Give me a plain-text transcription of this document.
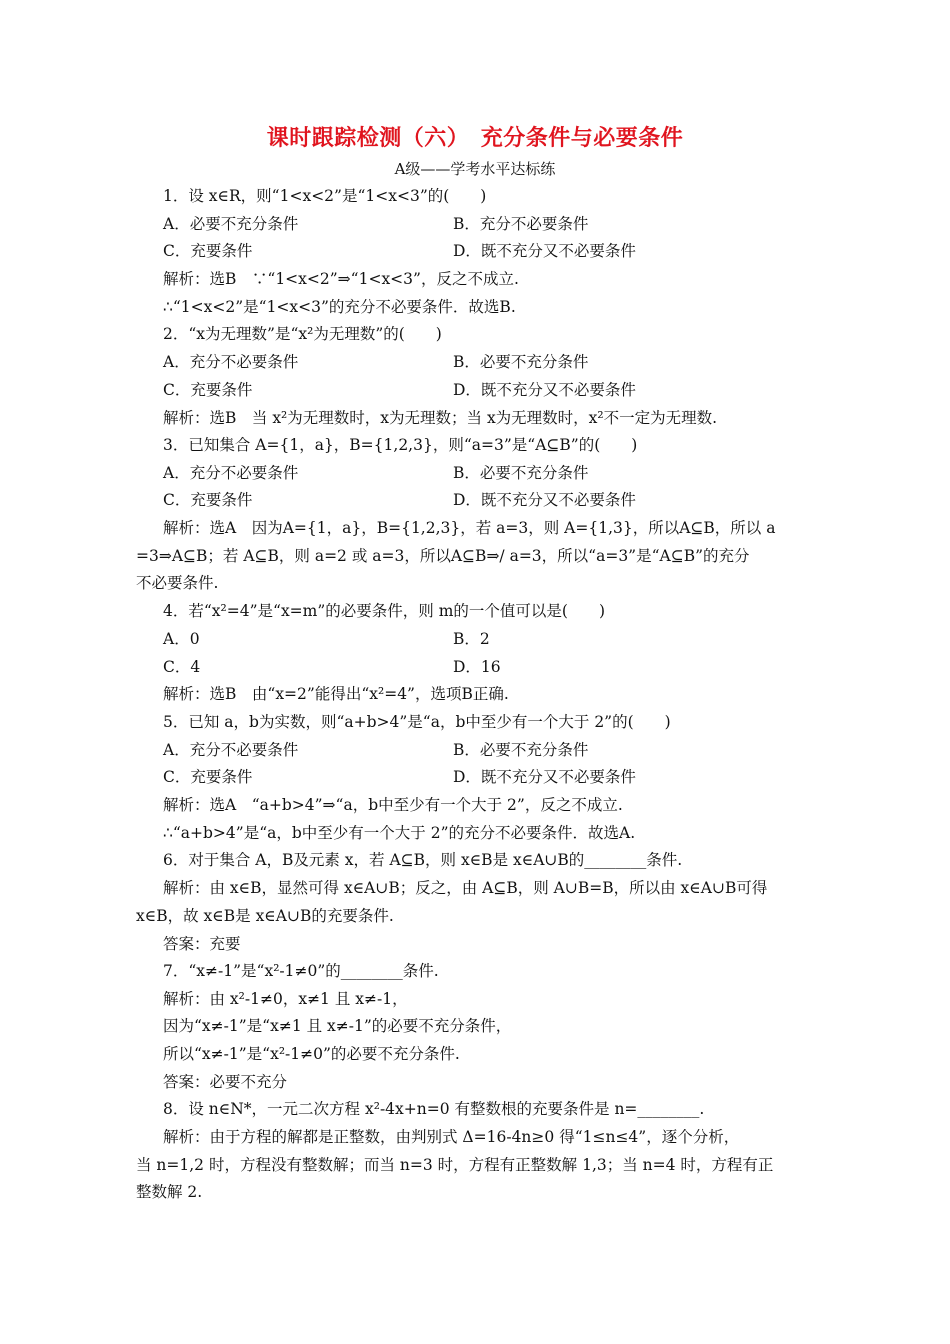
课时跟踪检测（六）　充分条件与必要条件
A级——学考水平达标练
1．设 x∈R，则“1<x<2”是“1<x<3”的(　　)
A．必要不充分条件	B．充分不必要条件
C．充要条件	D．既不充分又不必要条件
解析：选B　∵“1<x<2”⇒“1<x<3”，反之不成立.
∴“1<x<2”是“1<x<3”的充分不必要条件．故选B.
2．“x为无理数”是“x²为无理数”的(　　)
A．充分不必要条件	B．必要不充分条件
C．充要条件	D．既不充分又不必要条件
解析：选B　当 x²为无理数时，x为无理数；当 x为无理数时，x²不一定为无理数.
3．已知集合 A={1，a}，B={1,2,3}，则“a=3”是“A⊆B”的(　　)
A．充分不必要条件	B．必要不充分条件
C．充要条件	D．既不充分又不必要条件
解析：选A　因为A={1，a}，B={1,2,3}，若 a=3，则 A={1,3}，所以A⊆B，所以 a
=3⇒A⊆B；若 A⊆B，则 a=2 或 a=3，所以A⊆B⇒/ a=3，所以“a=3”是“A⊆B”的充分
不必要条件.
4．若“x²=4”是“x=m”的必要条件，则 m的一个值可以是(　　)
A．0	B．2
C．4	D．16
解析：选B　由“x=2”能得出“x²=4”，选项B正确.
5．已知 a，b为实数，则“a+b>4”是“a，b中至少有一个大于 2”的(　　)
A．充分不必要条件	B．必要不充分条件
C．充要条件	D．既不充分又不必要条件
解析：选A　“a+b>4”⇒“a，b中至少有一个大于 2”，反之不成立.
∴“a+b>4”是“a，b中至少有一个大于 2”的充分不必要条件．故选A.
6．对于集合 A，B及元素 x，若 A⊆B，则 x∈B是 x∈A∪B的________条件.
解析：由 x∈B，显然可得 x∈A∪B；反之，由 A⊆B，则 A∪B=B，所以由 x∈A∪B可得
x∈B，故 x∈B是 x∈A∪B的充要条件.
答案：充要
7．“x≠-1”是“x²-1≠0”的________条件.
解析：由 x²-1≠0，x≠1 且 x≠-1，
因为“x≠-1”是“x≠1 且 x≠-1”的必要不充分条件，
所以“x≠-1”是“x²-1≠0”的必要不充分条件.
答案：必要不充分
8．设 n∈N*，一元二次方程 x²-4x+n=0 有整数根的充要条件是 n=________.
解析：由于方程的解都是正整数，由判别式 Δ=16-4n≥0 得“1≤n≤4”，逐个分析，
当 n=1,2 时，方程没有整数解；而当 n=3 时，方程有正整数解 1,3；当 n=4 时，方程有正
整数解 2.
